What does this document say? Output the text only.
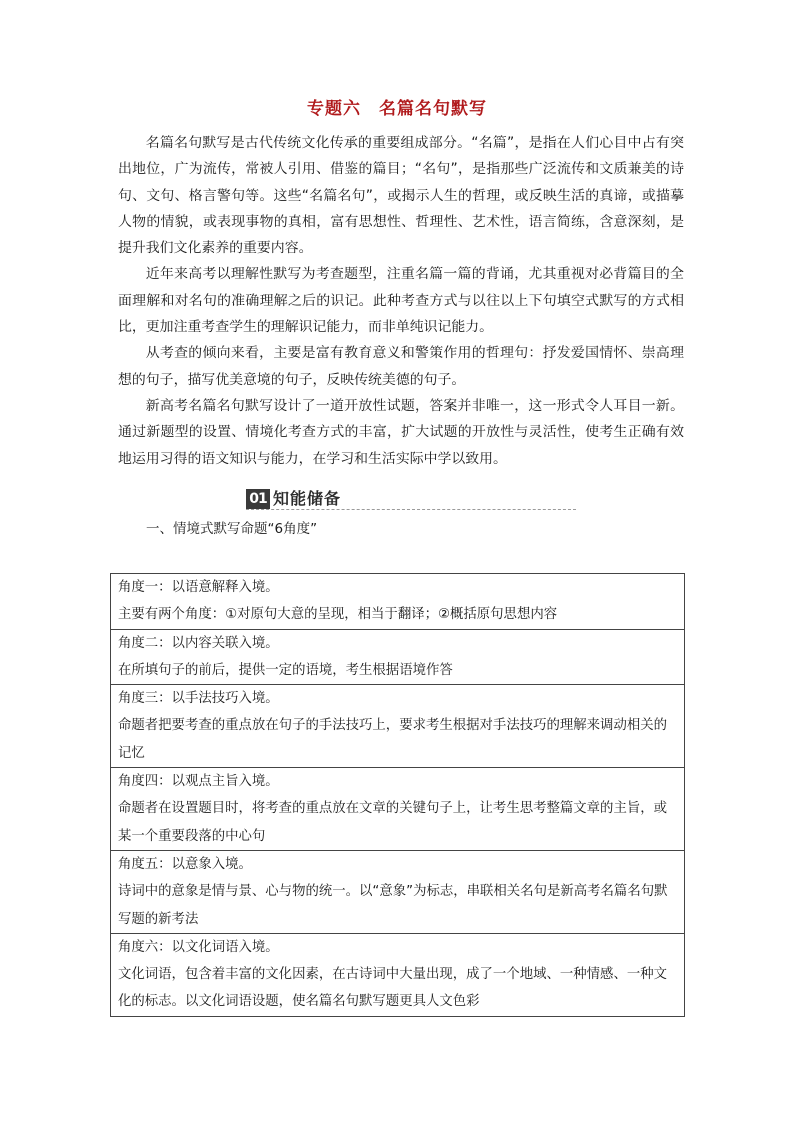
专题六　名篇名句默写

名篇名句默写是古代传统文化传承的重要组成部分。“名篇”，是指在人们心目中占有突出地位，广为流传，常被人引用、借鉴的篇目；“名句”，是指那些广泛流传和文质兼美的诗句、文句、格言警句等。这些“名篇名句”，或揭示人生的哲理，或反映生活的真谛，或描摹人物的情貌，或表现事物的真相，富有思想性、哲理性、艺术性，语言简练，含意深刻，是提升我们文化素养的重要内容。

近年来高考以理解性默写为考查题型，注重名篇一篇的背诵，尤其重视对必背篇目的全面理解和对名句的准确理解之后的识记。此种考查方式与以往以上下句填空式默写的方式相比，更加注重考查学生的理解识记能力，而非单纯识记能力。

从考查的倾向来看，主要是富有教育意义和警策作用的哲理句：抒发爱国情怀、崇高理想的句子，描写优美意境的句子，反映传统美德的句子。

新高考名篇名句默写设计了一道开放性试题，答案并非唯一，这一形式令人耳目一新。通过新题型的设置、情境化考查方式的丰富，扩大试题的开放性与灵活性，使考生正确有效地运用习得的语文知识与能力，在学习和生活实际中学以致用。

01 知能储备
一、情境式默写命题“6角度”
角度一：以语意解释入境。
主要有两个角度：①对原句大意的呈现，相当于翻译；②概括原句思想内容
角度二：以内容关联入境。
在所填句子的前后，提供一定的语境，考生根据语境作答
角度三：以手法技巧入境。
命题者把要考查的重点放在句子的手法技巧上，要求考生根据对手法技巧的理解来调动相关的记忆
角度四：以观点主旨入境。
命题者在设置题目时，将考查的重点放在文章的关键句子上，让考生思考整篇文章的主旨，或某一个重要段落的中心句
角度五：以意象入境。
诗词中的意象是情与景、心与物的统一。以“意象”为标志，串联相关名句是新高考名篇名句默写题的新考法
角度六：以文化词语入境。
文化词语，包含着丰富的文化因素，在古诗词中大量出现，成了一个地域、一种情感、一种文化的标志。以文化词语设题，使名篇名句默写题更具人文色彩
